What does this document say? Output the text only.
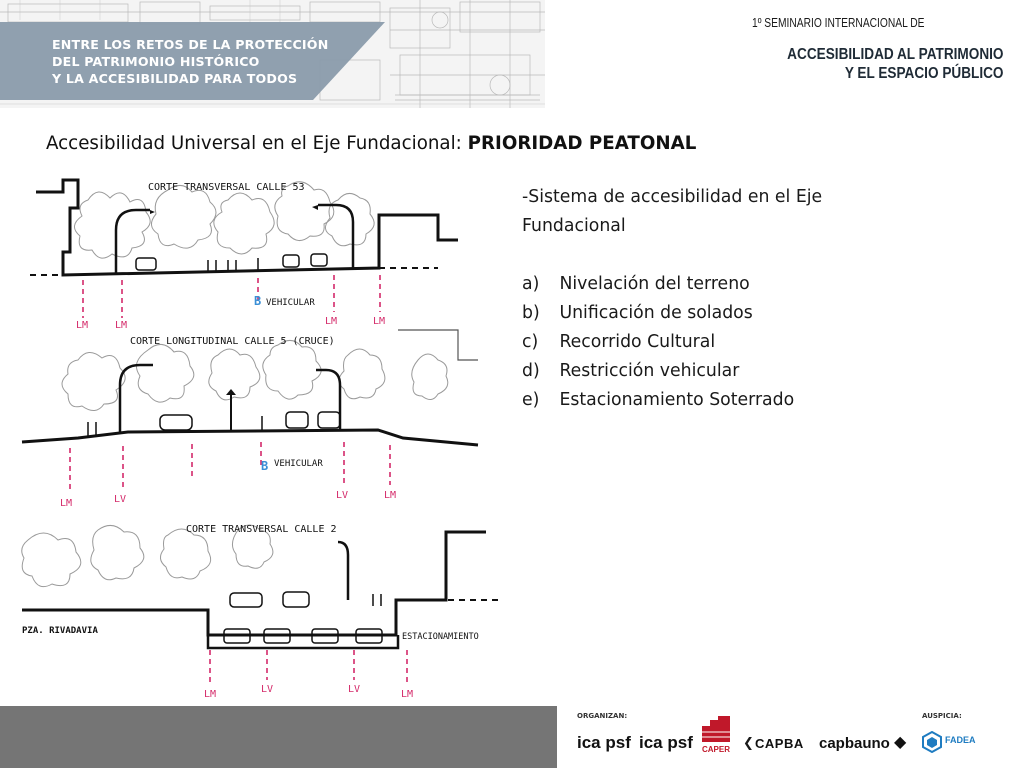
ENTRE LOS RETOS DE LA PROTECCIÓN
DEL PATRIMONIO HISTÓRICO
Y LA ACCESIBILIDAD PARA TODOS
1º SEMINARIO INTERNACIONAL DE
ACCESIBILIDAD AL PATRIMONIO
Y EL ESPACIO PÚBLICO
Accesibilidad Universal en el Eje Fundacional: PRIORIDAD PEATONAL
-Sistema de accesibilidad en el Eje Fundacional
a)	Nivelación del terreno
b)	Unificación de solados
c)	Recorrido Cultural
d)	Restricción vehicular
e)	Estacionamiento Soterrado
CORTE TRANSVERSAL CALLE 53
B VEHICULAR
LM	LM	LM	LM
CORTE LONGITUDINAL CALLE 5 (CRUCE)
B VEHICULAR
LM	LV	LV	LM
CORTE TRANSVERSAL CALLE 2
PZA. RIVADAVIA
ESTACIONAMIENTO
LM	LV	LV	LM
ORGANIZAN:	AUSPICIA:
ica psf ica psf CAPER ❮ CAPBA capbauno ◆	FADEA
